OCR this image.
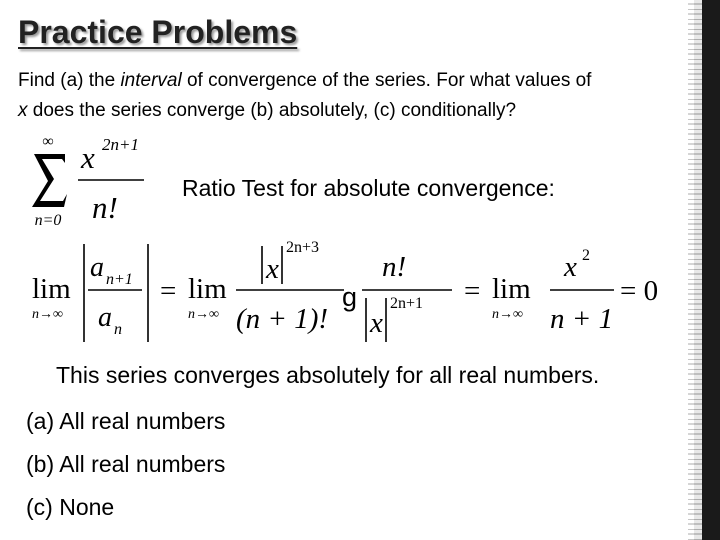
Practice Problems
Find (a) the interval of convergence of the series. For what values of
x does the series converge (b) absolutely, (c) conditionally?
∞
n=0
x 2n+1
n!
Ratio Test for absolute convergence:
lim
n→∞
a n+1
a n
= lim
n→∞
x
2n+3
(n + 1)!
g
n!
x
2n+1 = lim
n→∞
x 2
n + 1
= 0
This series converges absolutely for all real numbers.
(a) All real numbers
(b) All real numbers
(c) None
